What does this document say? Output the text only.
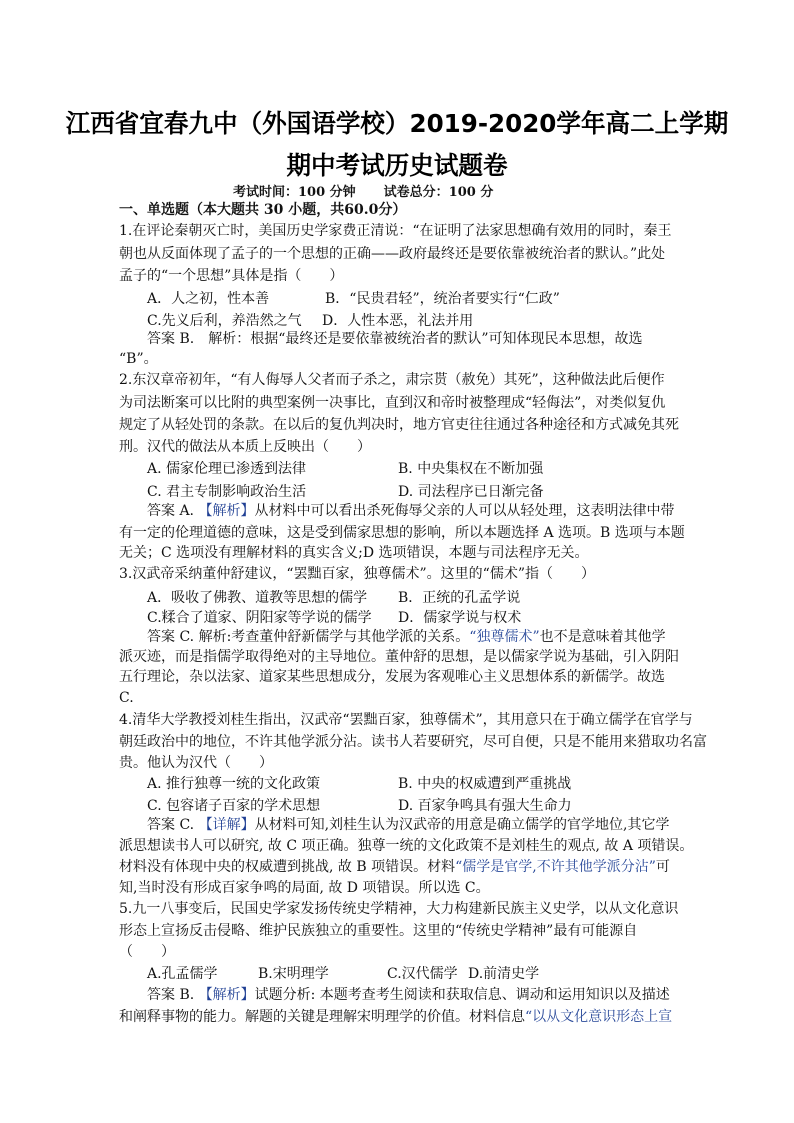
江西省宜春九中（外国语学校）2019-2020学年高二上学期
期中考试历史试题卷
考试时间：100 分钟 试卷总分：100 分
一、单选题（本大题共 30 小题，共60.0分）
1.在评论秦朝灭亡时，美国历史学家费正清说：“在证明了法家思想确有效用的同时，秦王
朝也从反面体现了孟子的一个思想的正确——政府最终还是要依靠被统治者的默认。”此处
孟子的“一个思想”具体是指（　　）
A．人之初，性本善	B．“民贵君轻”，统治者要实行“仁政”
C.先义后利，养浩然之气 D．人性本恶，礼法并用
答案 B.　解析：根据“最终还是要依靠被统治者的默认”可知体现民本思想，故选
“B”。
2.东汉章帝初年，“有人侮辱人父者而子杀之，肃宗贳（赦免）其死”，这种做法此后便作
为司法断案可以比附的典型案例一决事比，直到汉和帝时被整理成“轻侮法”，对类似复仇
规定了从轻处罚的条款。在以后的复仇判决时，地方官吏往往通过各种途径和方式减免其死
刑。汉代的做法从本质上反映出（　　）
A. 儒家伦理已渗透到法律	B. 中央集权在不断加强
C. 君主专制影响政治生活	D. 司法程序已日渐完备
答案 A. 【解析】从材料中可以看出杀死侮辱父亲的人可以从轻处理，这表明法律中带
有一定的伦理道德的意味，这是受到儒家思想的影响，所以本题选择 A 选项。B 选项与本题
无关；C 选项没有理解材料的真实含义;D 选项错误，本题与司法程序无关。
3.汉武帝采纳董仲舒建议，“罢黜百家，独尊儒术”。这里的“儒术”指（　　）
A．吸收了佛教、道教等思想的儒学 B．正统的孔孟学说
C.糅合了道家、阴阳家等学说的儒学 D．儒家学说与权术
答案 C. 解析:考查董仲舒新儒学与其他学派的关系。“独尊儒术”也不是意味着其他学
派灭迹，而是指儒学取得绝对的主导地位。董仲舒的思想，是以儒家学说为基础，引入阴阳
五行理论，杂以法家、道家某些思想成分，发展为客观唯心主义思想体系的新儒学。故选
C.
4.清华大学教授刘桂生指出，汉武帝“罢黜百家，独尊儒术”，其用意只在于确立儒学在官学与
朝廷政治中的地位，不许其他学派分沾。读书人若要研究，尽可自便，只是不能用来猎取功名富
贵。他认为汉代（　　）
A. 推行独尊一统的文化政策	B. 中央的权威遭到严重挑战
C. 包容诸子百家的学术思想	D. 百家争鸣具有强大生命力
答案 C. 【详解】从材料可知,刘桂生认为汉武帝的用意是确立儒学的官学地位,其它学
派思想读书人可以研究, 故 C 项正确。独尊一统的文化政策不是刘桂生的观点, 故 A 项错误。
材料没有体现中央的权威遭到挑战, 故 B 项错误。材料“儒学是官学,不许其他学派分沾”可
知,当时没有形成百家争鸣的局面, 故 D 项错误。所以选 C。
5.九一八事变后，民国史学家发扬传统史学精神，大力构建新民族主义史学，以从文化意识
形态上宣扬反击侵略、维护民族独立的重要性。这里的“传统史学精神”最有可能源自
（　　）
A.孔孟儒学	B.宋明理学	C.汉代儒学 D.前清史学
答案 B. 【解析】试题分析: 本题考查考生阅读和获取信息、调动和运用知识以及描述
和阐释事物的能力。解题的关键是理解宋明理学的价值。材料信息“以从文化意识形态上宣
